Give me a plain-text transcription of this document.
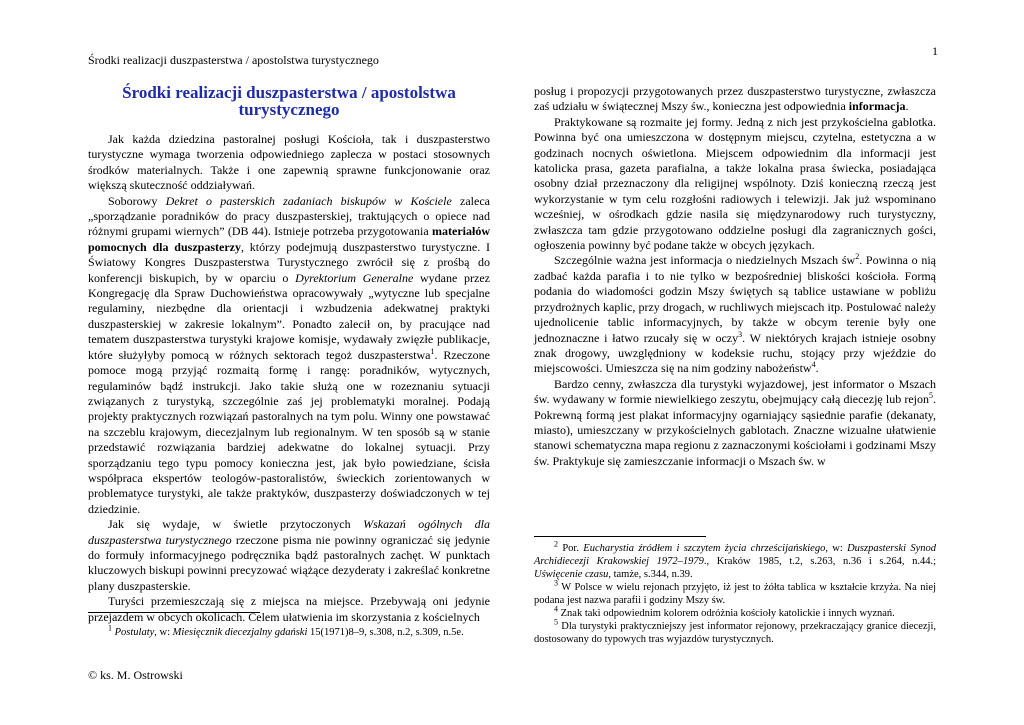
Środki realizacji duszpasterstwa / apostolstwa turystycznego
1
Środki realizacji duszpasterstwa / apostolstwa turystycznego

Jak każda dziedzina pastoralnej posługi Kościoła, tak i duszpasterstwo turystyczne wymaga tworzenia odpowiedniego zaplecza w postaci stosownych środków materialnych. Także i one zapewnią sprawne funkcjonowanie oraz większą skuteczność oddziaływań.

Soborowy Dekret o pasterskich zadaniach biskupów w Kościele zaleca „sporządzanie poradników do pracy duszpasterskiej, traktujących o opiece nad różnymi grupami wiernych” (DB 44). Istnieje potrzeba przygotowania materiałów pomocnych dla duszpasterzy, którzy podejmują duszpasterstwo turystyczne. I Światowy Kongres Duszpasterstwa Turystycznego zwrócił się z prośbą do konferencji biskupich, by w oparciu o Dyrektorium Generalne wydane przez Kongregację dla Spraw Duchowieństwa opracowywały „wytyczne lub specjalne regulaminy, niezbędne dla orientacji i wzbudzenia adekwatnej praktyki duszpasterskiej w zakresie lokalnym”. Ponadto zalecił on, by pracujące nad tematem duszpasterstwa turystyki krajowe komisje, wydawały zwięzłe publikacje, które służyłyby pomocą w różnych sektorach tegoż duszpasterstwa$^1$. Rzeczone pomoce mogą przyjąć rozmaitą formę i rangę: poradników, wytycznych, regulaminów bądź instrukcji. Jako takie służą one w rozeznaniu sytuacji związanych z turystyką, szczególnie zaś jej problematyki moralnej. Podają projekty praktycznych rozwiązań pastoralnych na tym polu. Winny one powstawać na szczeblu krajowym, diecezjalnym lub regionalnym. W ten sposób są w stanie przedstawić rozwiązania bardziej adekwatne do lokalnej sytuacji. Przy sporządzaniu tego typu pomocy konieczna jest, jak było powiedziane, ścisła współpraca ekspertów teologów-pastoralistów, świeckich zorientowanych w problematyce turystyki, ale także praktyków, duszpasterzy doświadczonych w tej dziedzinie.

Jak się wydaje, w świetle przytoczonych Wskazań ogólnych dla duszpasterstwa turystycznego rzeczone pisma nie powinny ograniczać się jedynie do formuły informacyjnego podręcznika bądź pastoralnych zachęt. W punktach kluczowych biskupi powinni precyzować wiążące dezyderaty i zakreślać konkretne plany duszpasterskie.

Turyści przemieszczają się z miejsca na miejsce. Przebywają oni jedynie przejazdem w obcych okolicach. Celem ułatwienia im skorzystania z kościelnych

$^1$ Postulaty, w: Miesięcznik diecezjalny gdański 15(1971)8–9, s.308, n.2, s.309, n.5e.

posług i propozycji przygotowanych przez duszpasterstwo turystyczne, zwłaszcza zaś udziału w świątecznej Mszy św., konieczna jest odpowiednia informacja.

Praktykowane są rozmaite jej formy. Jedną z nich jest przykościelna gablotka. Powinna być ona umieszczona w dostępnym miejscu, czytelna, estetyczna a w godzinach nocnych oświetlona. Miejscem odpowiednim dla informacji jest katolicka prasa, gazeta parafialna, a także lokalna prasa świecka, posiadająca osobny dział przeznaczony dla religijnej wspólnoty. Dziś konieczną rzeczą jest wykorzystanie w tym celu rozgłośni radiowych i telewizji. Jak już wspominano wcześniej, w ośrodkach gdzie nasila się międzynarodowy ruch turystyczny, zwłaszcza tam gdzie przygotowano oddzielne posługi dla zagranicznych gości, ogłoszenia powinny być podane także w obcych językach.

Szczególnie ważna jest informacja o niedzielnych Mszach $św^2$. Powinna o nią zadbać każda parafia i to nie tylko w bezpośredniej bliskości kościoła. Formą podania do wiadomości godzin Mszy świętych są tablice ustawiane w pobliżu przydrożnych kaplic, przy drogach, w ruchliwych miejscach itp. Postulować należy ujednolicenie tablic informacyjnych, by także w obcym terenie były one jednoznaczne i łatwo rzucały się w oczy$^3$. W niektórych krajach istnieje osobny znak drogowy, uwzględniony w kodeksie ruchu, stojący przy wjeździe do miejscowości. Umieszcza się na nim godziny nabożeństw$^4$.

Bardzo cenny, zwłaszcza dla turystyki wyjazdowej, jest informator o Mszach św. wydawany w formie niewielkiego zeszytu, obejmujący całą diecezję lub rejon$^5$. Pokrewną formą jest plakat informacyjny ogarniający sąsiednie parafie (dekanaty, miasto), umieszczany w przykościelnych gablotach. Znaczne wizualne ułatwienie stanowi schematyczna mapa regionu z zaznaczonymi kościołami i godzinami Mszy św. Praktykuje się zamieszczanie informacji o Mszach św. w

$^2$ Por. Eucharystia źródłem i szczytem życia chrześcijańskiego, w: Duszpasterski Synod Archidiecezji Krakowskiej 1972–1979., Kraków 1985, t.2, s.263, n.36 i s.264, n.44.; Uświęcenie czasu, tamże, s.344, n.39.

$^3$ W Polsce w wielu rejonach przyjęto, iż jest to żółta tablica w kształcie krzyża. Na niej podana jest nazwa parafii i godziny Mszy św.

$^4$ Znak taki odpowiednim kolorem odróżnia kościoły katolickie i innych wyznań.

$^5$ Dla turystyki praktyczniejszy jest informator rejonowy, przekraczający granice diecezji, dostosowany do typowych tras wyjazdów turystycznych.

© ks. M. Ostrowski
